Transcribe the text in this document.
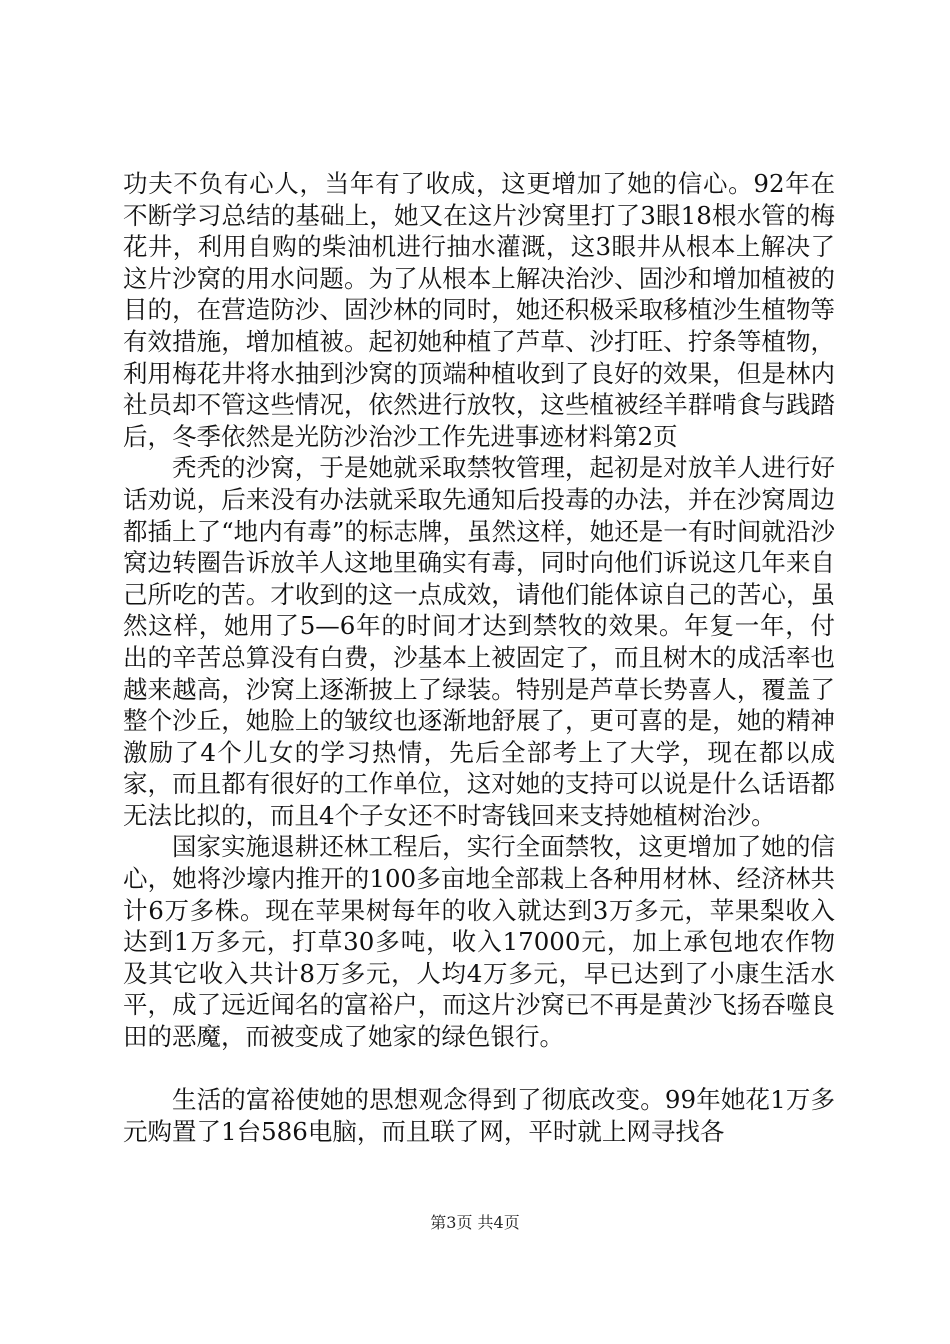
功夫不负有心人，当年有了收成，这更增加了她的信心。92年在不断学习总结的基础上，她又在这片沙窝里打了3眼18根水管的梅花井，利用自购的柴油机进行抽水灌溉，这3眼井从根本上解决了这片沙窝的用水问题。为了从根本上解决治沙、固沙和增加植被的目的，在营造防沙、固沙林的同时，她还积极采取移植沙生植物等有效措施，增加植被。起初她种植了芦草、沙打旺、拧条等植物，利用梅花井将水抽到沙窝的顶端种植收到了良好的效果，但是林内社员却不管这些情况，依然进行放牧，这些植被经羊群啃食与践踏后，冬季依然是光防沙治沙工作先进事迹材料第2页

秃秃的沙窝，于是她就采取禁牧管理，起初是对放羊人进行好话劝说，后来没有办法就采取先通知后投毒的办法，并在沙窝周边都插上了“地内有毒”的标志牌，虽然这样，她还是一有时间就沿沙窝边转圈告诉放羊人这地里确实有毒，同时向他们诉说这几年来自己所吃的苦。才收到的这一点成效，请他们能体谅自己的苦心，虽然这样，她用了5—6年的时间才达到禁牧的效果。年复一年，付出的辛苦总算没有白费，沙基本上被固定了，而且树木的成活率也越来越高，沙窝上逐渐披上了绿装。特别是芦草长势喜人，覆盖了整个沙丘，她脸上的皱纹也逐渐地舒展了，更可喜的是，她的精神激励了4个儿女的学习热情，先后全部考上了大学，现在都以成家，而且都有很好的工作单位，这对她的支持可以说是什么话语都无法比拟的，而且4个子女还不时寄钱回来支持她植树治沙。

国家实施退耕还林工程后，实行全面禁牧，这更增加了她的信心，她将沙壕内推开的100多亩地全部栽上各种用材林、经济林共计6万多株。现在苹果树每年的收入就达到3万多元，苹果梨收入达到1万多元，打草30多吨，收入17000元，加上承包地农作物及其它收入共计8万多元，人均4万多元，早已达到了小康生活水平，成了远近闻名的富裕户，而这片沙窝已不再是黄沙飞扬吞噬良田的恶魔，而被变成了她家的绿色银行。

生活的富裕使她的思想观念得到了彻底改变。99年她花1万多元购置了1台586电脑，而且联了网，平时就上网寻找各

第3页 共4页
